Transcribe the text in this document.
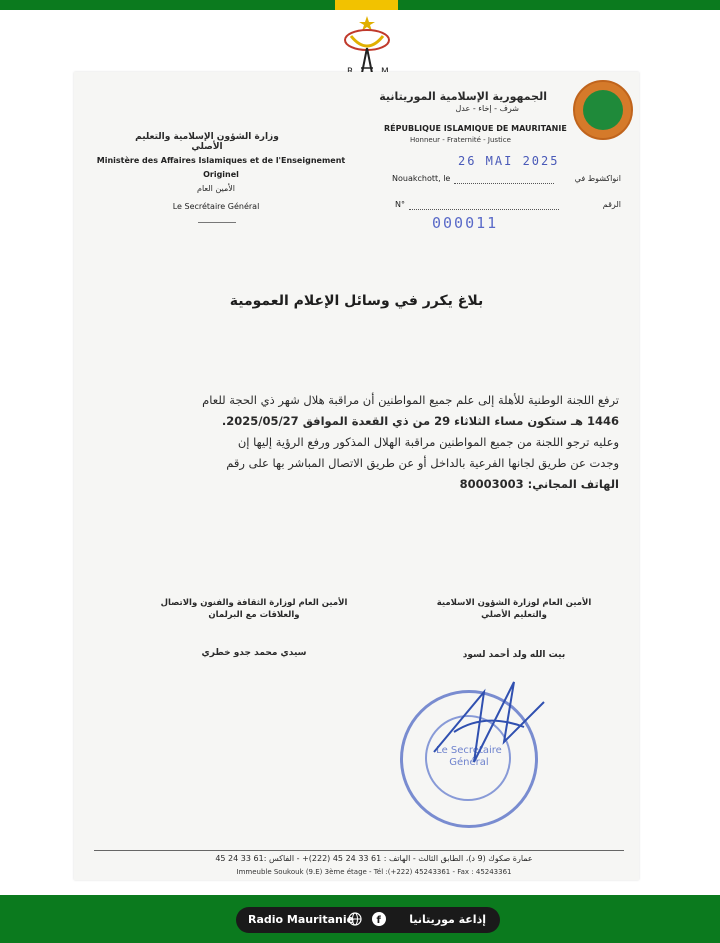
الجمهورية الإسلامية الموريتانية
شرف - إخاء - عدل
RÉPUBLIQUE ISLAMIQUE DE MAURITANIE
Honneur - Fraternité - Justice
26 MAI 2025
Nouakchott, le	انواكشوط في
N°	الرقم
000011
وزارة الشؤون الإسلامية والتعليم الأصلي
Ministère des Affaires Islamiques et de l'Enseignement
Originel
الأمين العام
Le Secrétaire Général
بلاغ يكرر في وسائل الإعلام العمومية
ترفع اللجنة الوطنية للأهلة إلى علم جميع المواطنين أن مراقبة هلال شهر ذي الحجة للعام
1446 هـ ستكون مساء الثلاثاء 29 من ذي القعدة الموافق 2025/05/27.
وعليه ترجو اللجنة من جميع المواطنين مراقبة الهلال المذكور ورفع الرؤية إليها إن
وجدت عن طريق لجانها الفرعية بالداخل أو عن طريق الاتصال المباشر بها على رقم
الهاتف المجاني: 80003003
الأمين العام لوزارة الثقافة والفنون والاتصال
والعلاقات مع البرلمان
سيدي محمد جدو خطري
الأمين العام لوزارة الشؤون الاسلامية
والتعليم الأصلي
بيت الله ولد أحمد لسود
Le Secrétaire
Général
عمارة صكوك (9 د)، الطابق الثالث - الهاتف : 61 33 24 45 (222)+ - الفاكس :61 33 24 45
Immeuble Soukouk (9.E) 3ème étage - Tél :(+222) 45243361 - Fax : 45243361
Radio Mauritanie f	إذاعة موريتانيا
